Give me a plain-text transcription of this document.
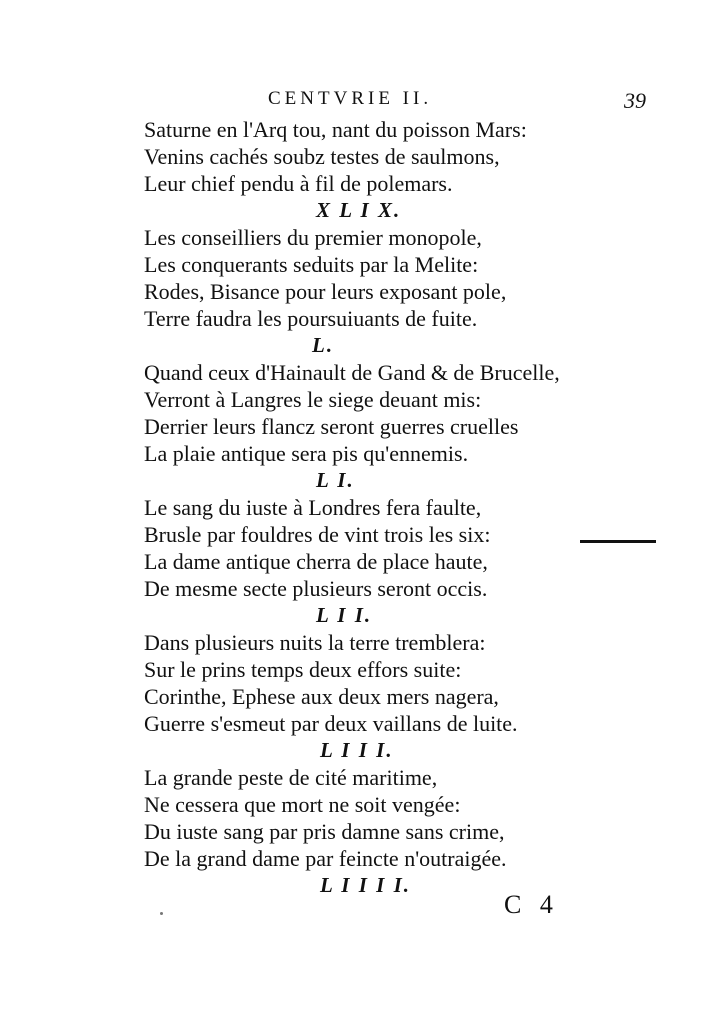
CENTVRIE II.	39
Saturne en l'Arq tou, nant du poisson Mars:
Venins cachés soubz testes de saulmons,
Leur chief pendu à fil de polemars.
X L I X.
Les conseilliers du premier monopole,
Les conquerants seduits par la Melite:
Rodes, Bisance pour leurs exposant pole,
Terre faudra les poursuiuants de fuite.
L.
Quand ceux d'Hainault de Gand & de Brucelle,
Verront à Langres le siege deuant mis:
Derrier leurs flancz seront guerres cruelles
La plaie antique sera pis qu'ennemis.
L I.
Le sang du iuste à Londres fera faulte,
Brusle par fouldres de vint trois les six:
La dame antique cherra de place haute,
De mesme secte plusieurs seront occis.
L I I.
Dans plusieurs nuits la terre tremblera:
Sur le prins temps deux effors suite:
Corinthe, Ephese aux deux mers nagera,
Guerre s'esmeut par deux vaillans de luite.
L I I I.
La grande peste de cité maritime,
Ne cessera que mort ne soit vengée:
Du iuste sang par pris damne sans crime,
De la grand dame par feincte n'outraigée.
L I I I I.
C 4
